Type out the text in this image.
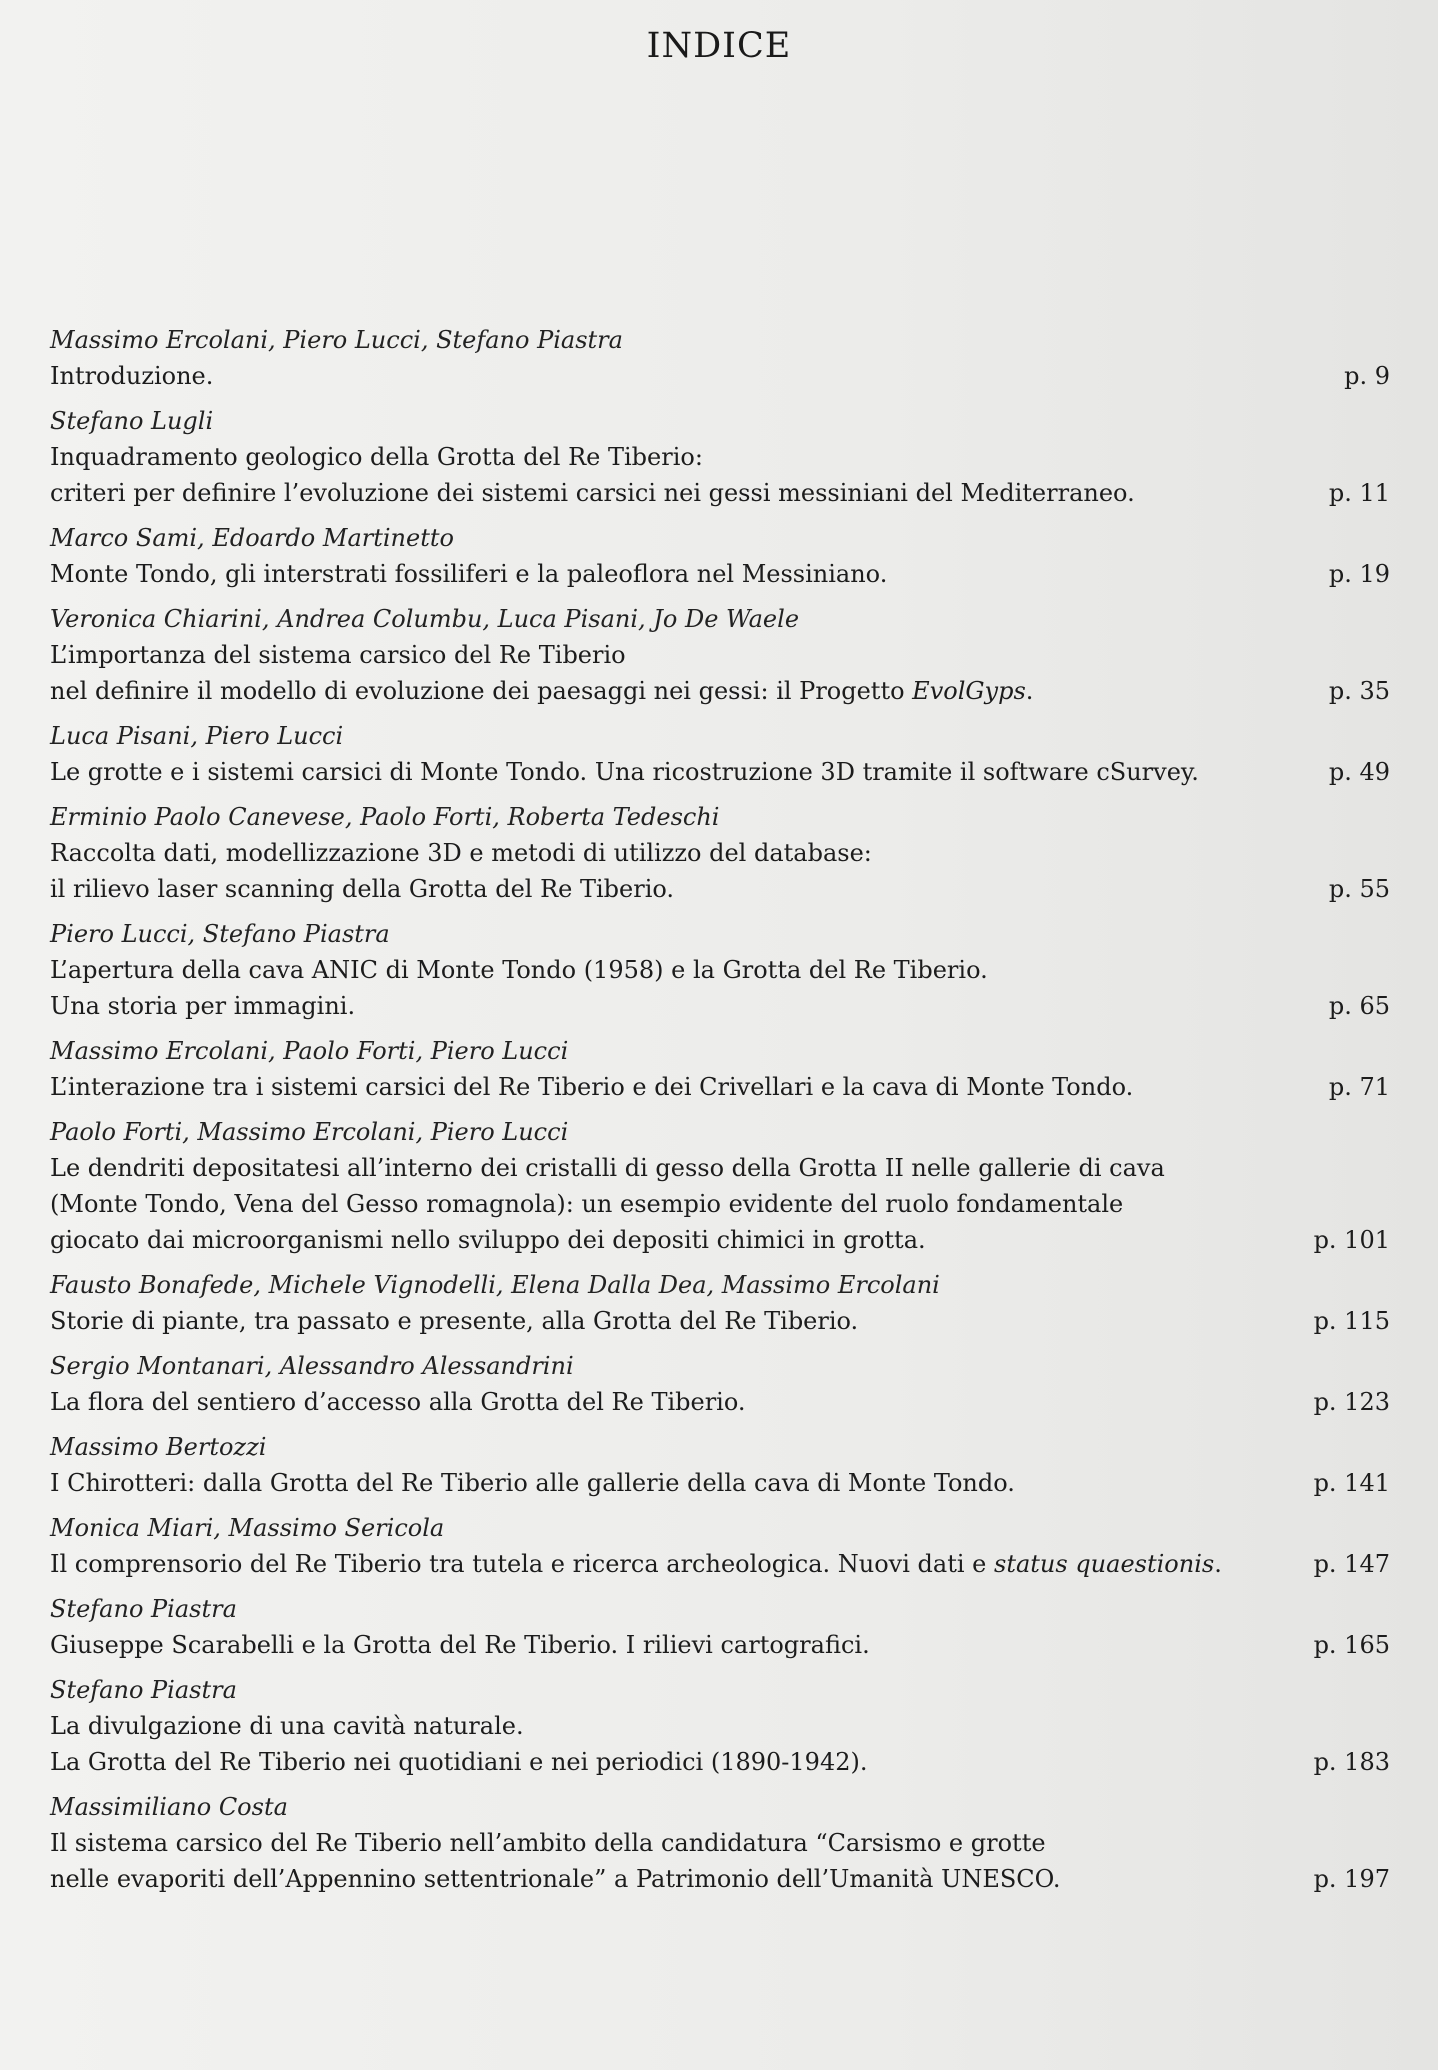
INDICE
Massimo Ercolani, Piero Lucci, Stefano Piastra
Introduzione.	p. 9
Stefano Lugli
Inquadramento geologico della Grotta del Re Tiberio:
criteri per definire l’evoluzione dei sistemi carsici nei gessi messiniani del Mediterraneo.	p. 11
Marco Sami, Edoardo Martinetto
Monte Tondo, gli interstrati fossiliferi e la paleoflora nel Messiniano.	p. 19
Veronica Chiarini, Andrea Columbu, Luca Pisani, Jo De Waele
L’importanza del sistema carsico del Re Tiberio
nel definire il modello di evoluzione dei paesaggi nei gessi: il Progetto EvolGyps.	p. 35
Luca Pisani, Piero Lucci
Le grotte e i sistemi carsici di Monte Tondo. Una ricostruzione 3D tramite il software cSurvey.	p. 49
Erminio Paolo Canevese, Paolo Forti, Roberta Tedeschi
Raccolta dati, modellizzazione 3D e metodi di utilizzo del database:
il rilievo laser scanning della Grotta del Re Tiberio.	p. 55
Piero Lucci, Stefano Piastra
L’apertura della cava ANIC di Monte Tondo (1958) e la Grotta del Re Tiberio.
Una storia per immagini.	p. 65
Massimo Ercolani, Paolo Forti, Piero Lucci
L’interazione tra i sistemi carsici del Re Tiberio e dei Crivellari e la cava di Monte Tondo.	p. 71
Paolo Forti, Massimo Ercolani, Piero Lucci
Le dendriti depositatesi all’interno dei cristalli di gesso della Grotta II nelle gallerie di cava
(Monte Tondo, Vena del Gesso romagnola): un esempio evidente del ruolo fondamentale
giocato dai microorganismi nello sviluppo dei depositi chimici in grotta.	p. 101
Fausto Bonafede, Michele Vignodelli, Elena Dalla Dea, Massimo Ercolani
Storie di piante, tra passato e presente, alla Grotta del Re Tiberio.	p. 115
Sergio Montanari, Alessandro Alessandrini
La flora del sentiero d’accesso alla Grotta del Re Tiberio.	p. 123
Massimo Bertozzi
I Chirotteri: dalla Grotta del Re Tiberio alle gallerie della cava di Monte Tondo.	p. 141
Monica Miari, Massimo Sericola
Il comprensorio del Re Tiberio tra tutela e ricerca archeologica. Nuovi dati e status quaestionis.	p. 147
Stefano Piastra
Giuseppe Scarabelli e la Grotta del Re Tiberio. I rilievi cartografici.	p. 165
Stefano Piastra
La divulgazione di una cavità naturale.
La Grotta del Re Tiberio nei quotidiani e nei periodici (1890-1942).	p. 183
Massimiliano Costa
Il sistema carsico del Re Tiberio nell’ambito della candidatura “Carsismo e grotte
nelle evaporiti dell’Appennino settentrionale” a Patrimonio dell’Umanità UNESCO.	p. 197
